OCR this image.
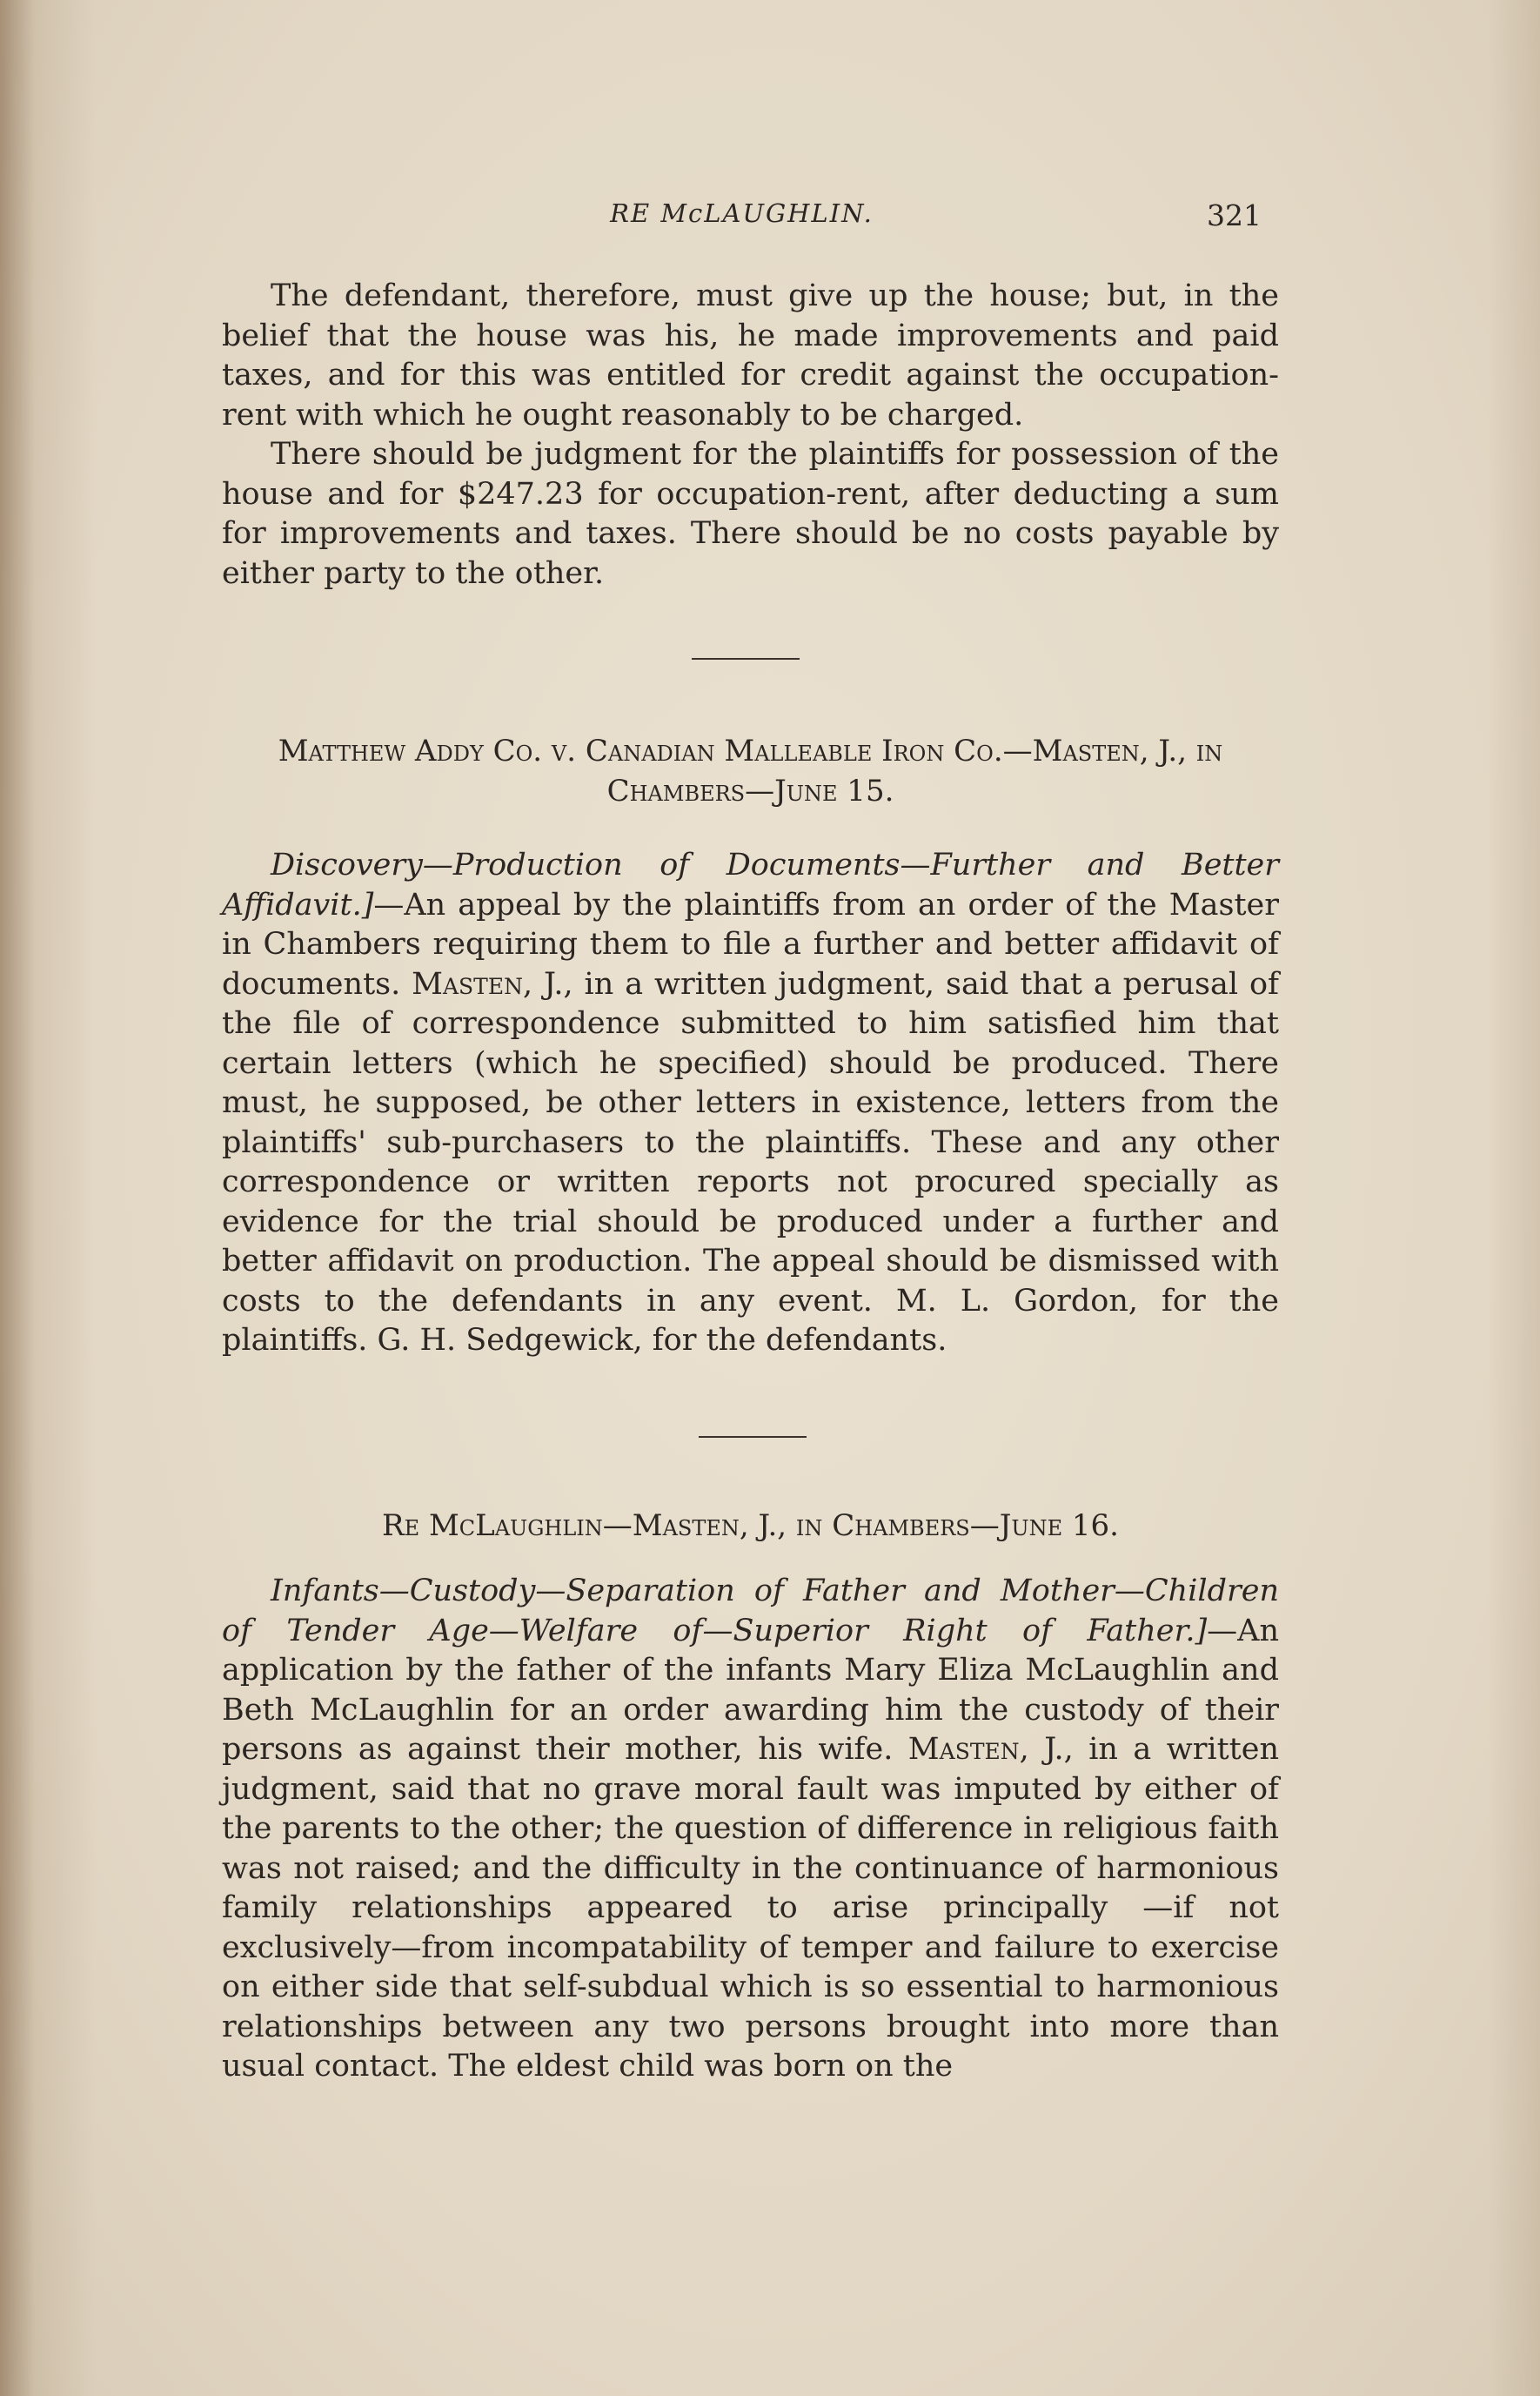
RE McLAUGHLIN.	321

The defendant, therefore, must give up the house; but, in the belief that the house was his, he made improvements and paid taxes, and for this was entitled for credit against the occupation-rent with which he ought reasonably to be charged.

There should be judgment for the plaintiffs for possession of the house and for $247.23 for occupation-rent, after deducting a sum for improvements and taxes. There should be no costs payable by either party to the other.

Matthew Addy Co. v. Canadian Malleable Iron Co.—Masten, J., in Chambers—June 15.

Discovery—Production of Documents—Further and Better Affidavit.]—An appeal by the plaintiffs from an order of the Master in Chambers requiring them to file a further and better affidavit of documents. Masten, J., in a written judgment, said that a perusal of the file of correspondence submitted to him satisfied him that certain letters (which he specified) should be produced. There must, he supposed, be other letters in existence, letters from the plaintiffs' sub-purchasers to the plaintiffs. These and any other correspondence or written reports not procured specially as evidence for the trial should be produced under a further and better affidavit on production. The appeal should be dismissed with costs to the defendants in any event. M. L. Gordon, for the plaintiffs. G. H. Sedgewick, for the defendants.

Re McLaughlin—Masten, J., in Chambers—June 16.

Infants—Custody—Separation of Father and Mother—Children of Tender Age—Welfare of—Superior Right of Father.]—An application by the father of the infants Mary Eliza McLaughlin and Beth McLaughlin for an order awarding him the custody of their persons as against their mother, his wife. Masten, J., in a written judgment, said that no grave moral fault was imputed by either of the parents to the other; the question of difference in religious faith was not raised; and the difficulty in the continuance of harmonious family relationships appeared to arise principally —if not exclusively—from incompatability of temper and failure to exercise on either side that self-subdual which is so essential to harmonious relationships between any two persons brought into more than usual contact. The eldest child was born on the
